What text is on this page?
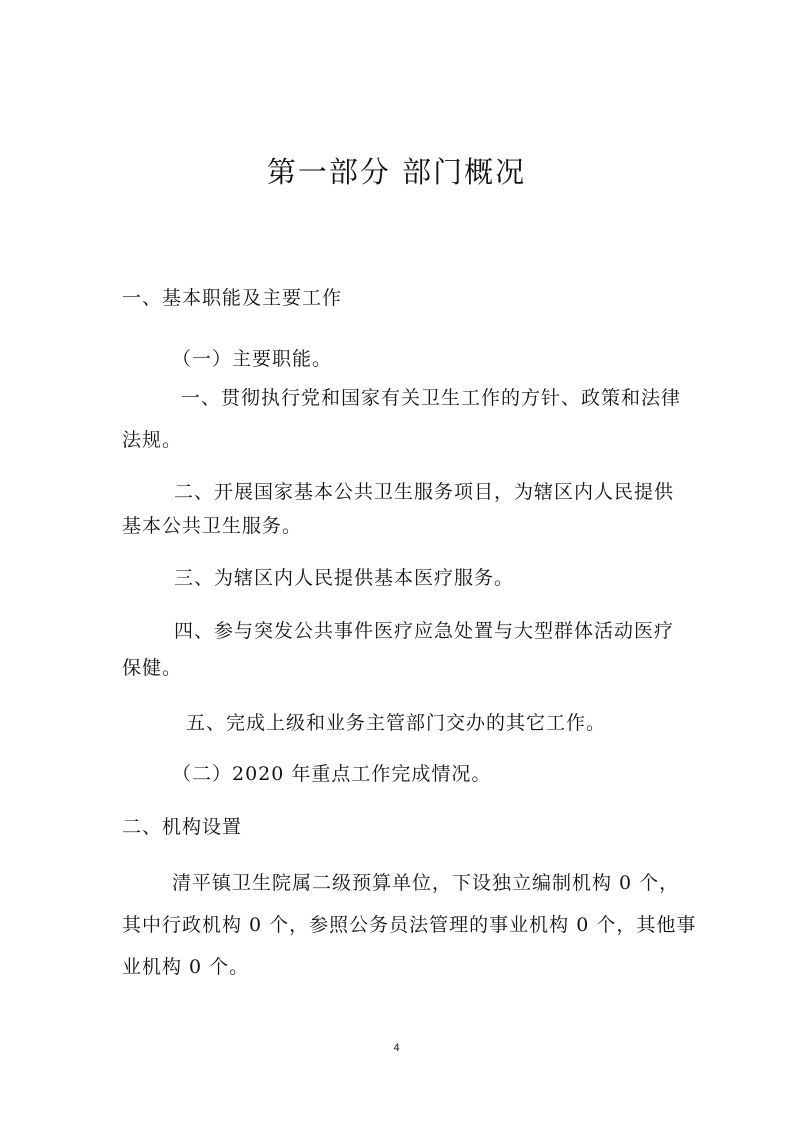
第一部分 部门概况
一、基本职能及主要工作
（一）主要职能。
一、贯彻执行党和国家有关卫生工作的方针、政策和法律
法规。
二、开展国家基本公共卫生服务项目，为辖区内人民提供
基本公共卫生服务。
三、为辖区内人民提供基本医疗服务。
四、参与突发公共事件医疗应急处置与大型群体活动医疗
保健。
五、完成上级和业务主管部门交办的其它工作。
（二）2020 年重点工作完成情况。
二、机构设置
清平镇卫生院属二级预算单位，下设独立编制机构 0 个，
其中行政机构 0 个，参照公务员法管理的事业机构 0 个，其他事
业机构 0 个。
4
